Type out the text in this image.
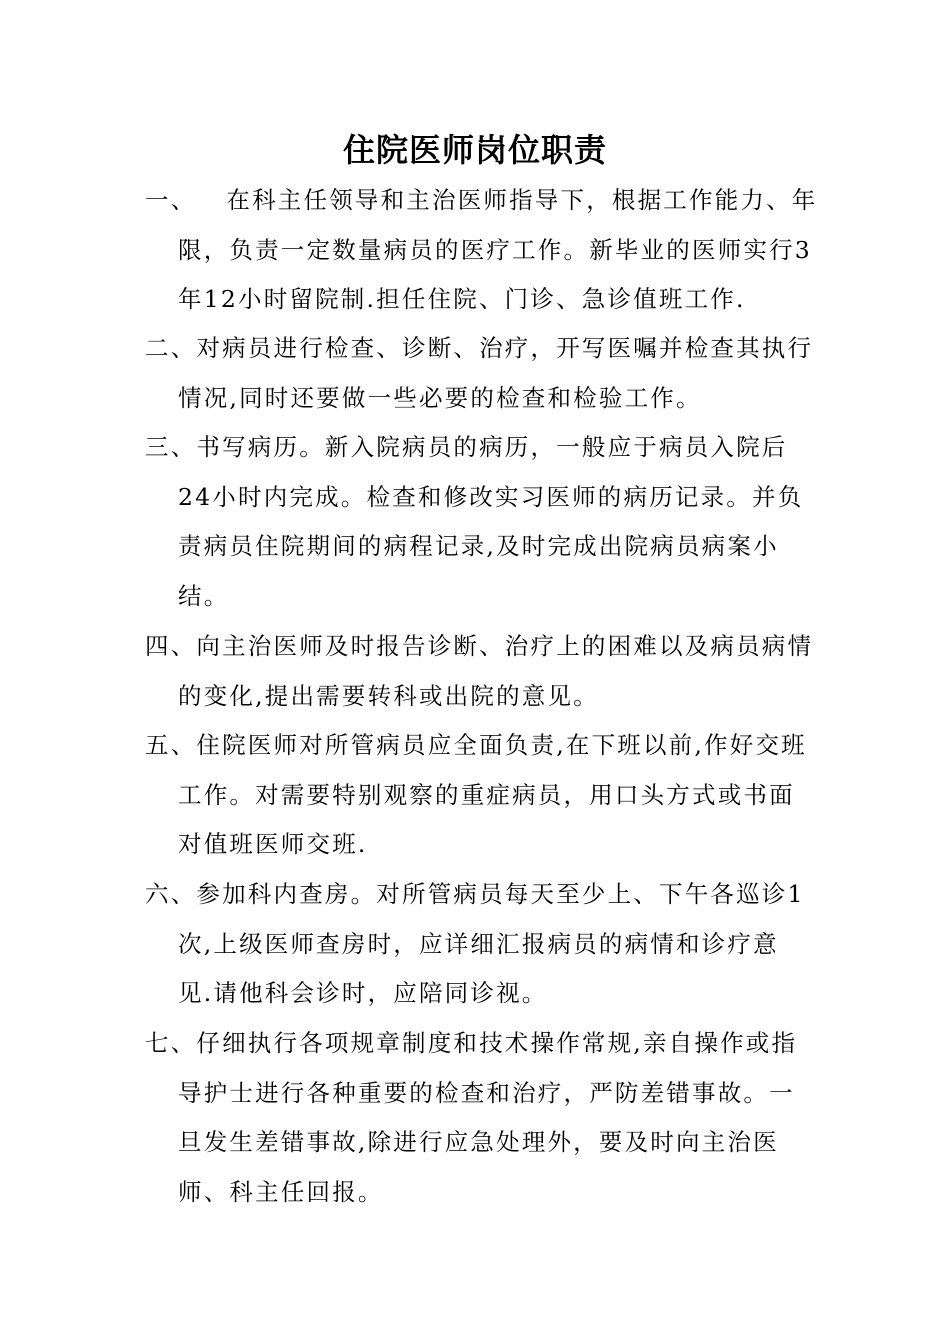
住院医师岗位职责
一、 在科主任领导和主治医师指导下，根据工作能力、年
限，负责一定数量病员的医疗工作。新毕业的医师实行3
年12小时留院制.担任住院、门诊、急诊值班工作.
二、对病员进行检查、诊断、治疗，开写医嘱并检查其执行
情况,同时还要做一些必要的检查和检验工作。
三、书写病历。新入院病员的病历，一般应于病员入院后
24小时内完成。检查和修改实习医师的病历记录。并负
责病员住院期间的病程记录,及时完成出院病员病案小
结。
四、向主治医师及时报告诊断、治疗上的困难以及病员病情
的变化,提出需要转科或出院的意见。
五、住院医师对所管病员应全面负责,在下班以前,作好交班
工作。对需要特别观察的重症病员，用口头方式或书面
对值班医师交班.
六、参加科内查房。对所管病员每天至少上、下午各巡诊1
次,上级医师查房时，应详细汇报病员的病情和诊疗意
见.请他科会诊时，应陪同诊视。
七、仔细执行各项规章制度和技术操作常规,亲自操作或指
导护士进行各种重要的检查和治疗，严防差错事故。一
旦发生差错事故,除进行应急处理外，要及时向主治医
师、科主任回报。
